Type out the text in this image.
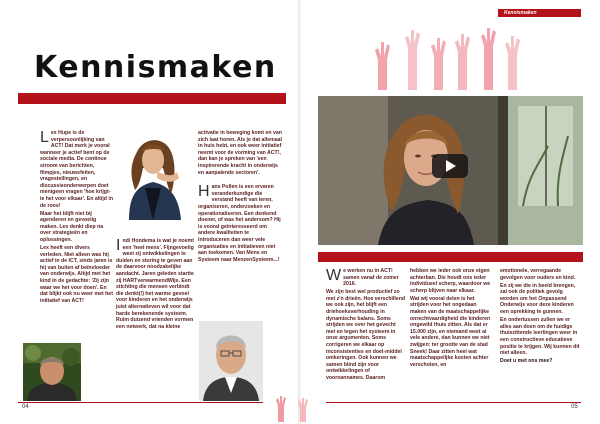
Kennismaken

Lex Hupe is de verpersoonlijking van ACT! Dat merk je vooral wanneer je actief bent op de sociale media. De continue stroom van berichten, filmpjes, nieuwsfeiten, vragestellingen, en discussieonderwerpen doet menigeen vragen 'hoe krijgt-ie het voor elkaar'. En altijd in de roos!

Maar het blijft niet bij agenderen en gevoelig maken. Lex denkt diep na over strategieën en oplossingen.

Lex heeft een divers verleden. Niet alleen was hij actief in de ICT, sinds jaren is hij van buiten af beïnvloeder van onderwijs. Altijd met het kind in de gedachte: 'Zij zijn waar we het voor doen'. En dat blijkt ook nu weer met het initiatief van ACT!

Indi Hondema is wat je noemt een 'heel mens'. Fijngevoelig weet zij ontwikkelingen te duiden en sturing te geven aan de daarvoor noodzakelijke aandacht. Jaren geleden startte zij HARTverwarmendWijs. Een stichting die mensen verbindt die denkt(!) het warme gevoel voor kinderen en het onderwijs juist alternatieven wil voor dat harde berekenende systeem. Ruim duizend vrienden vormen een netwerk, dat na kleine

activatie in beweging komt en van zich laat horen. Als je dat allemaal in huis hebt, en ook weer initiatief neemt voor de vorming van ACT!, dan kan je spreken van 'een inspirerende kracht in onderwijs en aanpalende sectoren'.

Hans Pollen is een ervaren veranderkundige die verstand heeft van leren, organiseren, onderzoeken en operationaliseren. Een denkend doener, of was het andersom? Hij is vooral geïnteresseerd om andere kwaliteiten te introduceren dan weer vele organisaties en initiatieven niet aan toekomen. Van Mens en Systeem naar MenzenSysteem...!

04
Kennismaken

We werken nu in ACT! samen vanaf de zomer 2016.

We zijn best wel productief zo met z'n drieën. Hoe verschillend we ook zijn, het blijft een driehoeksverhouding in dynamische balans. Soms strijden we over het gevecht met en tegen het systeem in onze argumenten. Soms corrigeren we elkaar op inconsistenties en doel-middel omkeringen. Ook kunnen we samen blind zijn voor ontwikkelingen of vooroannames. Daarom

hebben we ieder ook onze eigen achterban. Die houdt ons ieder individueel scherp, waardoor we scherp blijven naar elkaar.

Wat wij vooral delen is het strijden voor het ongedaan maken van de maatschappelijke onrechtvaardigheid die kinderen ongewild thuis zitten. Als dat er 15.000 zijn, en niemand weet al vele andere, dan kunnen we niet zwijgen: ter grootte van de stad Sneek! Daar zitten heel wat maatschappelijke kosten achter verscholen, en

emotionele, verregaande gevolgen voor ouders en kind.

En zij we die in beeld brengen, zal ook de politiek gevolg worden om het Onpassend Onderwijs voor deze kinderen een oprekking te gunnen.

En ondertussen zullen we er alles aan doen om de huidige thuiszittende leerlingen weer in een constructieve educatieve positie te krijgen. Wij kunnen dit niet alleen.

Doet u met ons mee?

05
